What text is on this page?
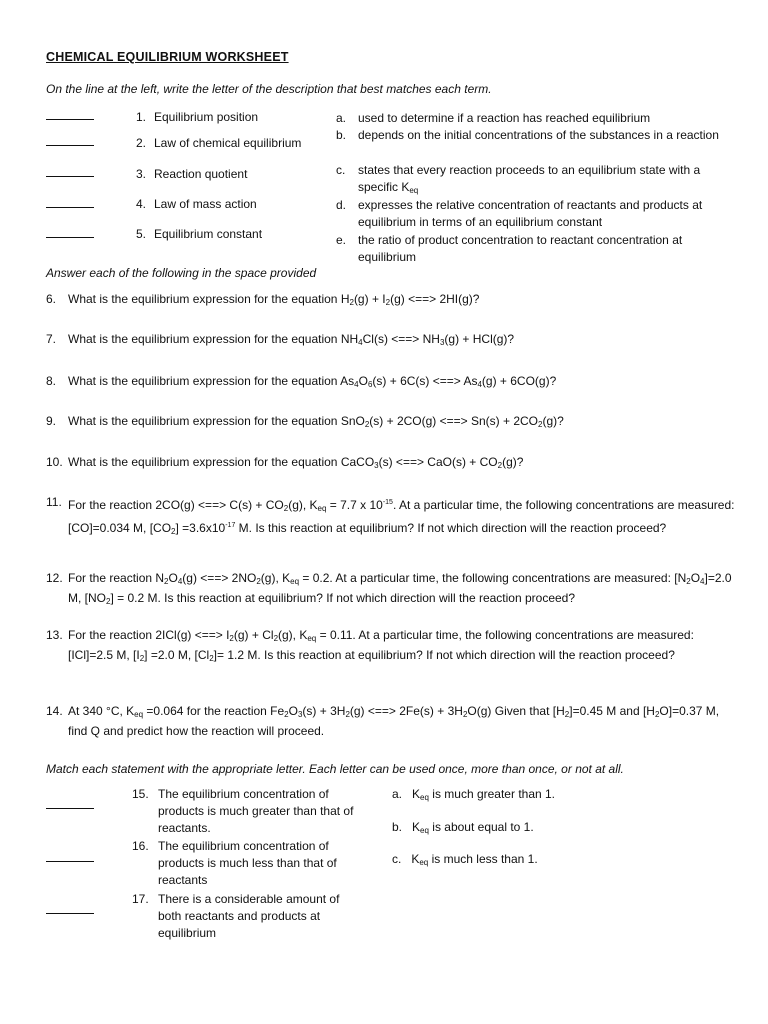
CHEMICAL EQUILIBRIUM WORKSHEET
On the line at the left, write the letter of the description that best matches each term.
1. Equilibrium position
2. Law of chemical equilibrium
3. Reaction quotient
4. Law of mass action
5. Equilibrium constant
a. used to determine if a reaction has reached equilibrium
b. depends on the initial concentrations of the substances in a reaction
c. states that every reaction proceeds to an equilibrium state with a specific $K_{eq}$
d. expresses the relative concentration of reactants and products at equilibrium in terms of an equilibrium constant
e. the ratio of product concentration to reactant concentration at equilibrium
Answer each of the following in the space provided
6. What is the equilibrium expression for the equation $H_2(g) + I_2(g)$ <==> 2HI(g)?
7. What is the equilibrium expression for the equation $NH_4Cl(s)$ <==> $NH_3(g) + HCl(g)$?
8. What is the equilibrium expression for the equation $As_4O_6(s) + 6C(s)$ <==> $As_4(g) + 6CO(g)$?
9. What is the equilibrium expression for the equation SnO$_2$(s) + 2CO(g) <==> $Sn(s) + 2CO_2(g)$?
10. What is the equilibrium expression for the equation CaCO$_3$(s) <==> $CaO(s) + CO_2(g)$?
11. For the reaction 2CO(g) <==> $C(s) + CO_2(g)$, $K_{eq} = 7.7$ x $10^{-15}$. At a particular time, the following concentrations are measured: [CO]=0.034 M, $[CO_2] =3.6x10^{-17}$ M. Is this reaction at equilibrium? If not which direction will the reaction proceed?
12. For the reaction $N_2O_4(g)$ <==> $2NO_2(g)$, $K_{eq} = 0.2$. At a particular time, the following concentrations are measured: $[N_2O_4]=2.0$ M, $[NO_2] = 0.2$ M. Is this reaction at equilibrium? If not which direction will the reaction proceed?
13. For the reaction 2ICl(g) <==> $I_2(g) + Cl_2(g)$, $K_{eq} = 0.11$. At a particular time, the following concentrations are measured: [ICl]=2.5 M, $[I_2] =2.0$ M, $[Cl_2]= 1.2$ M. Is this reaction at equilibrium? If not which direction will the reaction proceed?
14. At 340 °C, $K_{eq} =0.064$ for the reaction $Fe_2O_3(s) + 3H_2(g)$ <==> $2Fe(s) + 3H_2O(g)$ Given that $[H_2]=0.45$ M and $[H_2O]=0.37$ M, find Q and predict how the reaction will proceed.
Match each statement with the appropriate letter. Each letter can be used once, more than once, or not at all.
15. The equilibrium concentration of products is much greater than that of reactants.
16. The equilibrium concentration of products is much less than that of reactants
17. There is a considerable amount of both reactants and products at equilibrium
a.   $K_{eq}$ is much greater than 1.
b.   $K_{eq}$ is about equal to 1.
c.   $K_{eq}$ is much less than 1.
